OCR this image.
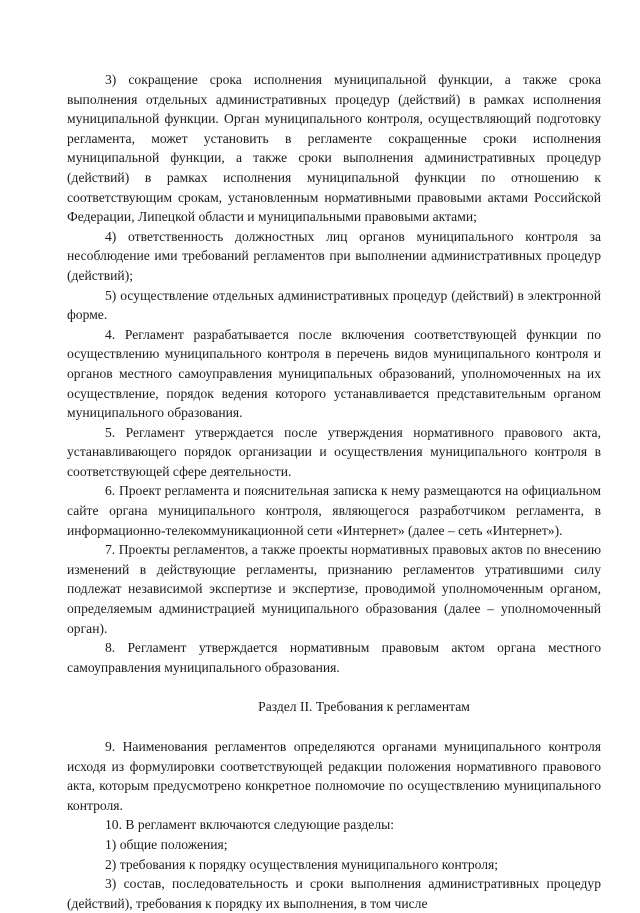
3) сокращение срока исполнения муниципальной функции, а также срока выполнения отдельных административных процедур (действий) в рамках исполнения муниципальной функции. Орган муниципального контроля, осуществляющий подготовку регламента, может установить в регламенте сокращенные сроки исполнения муниципальной функции, а также сроки выполнения административных процедур (действий) в рамках исполнения муниципальной функции по отношению к соответствующим срокам, установленным нормативными правовыми актами Российской Федерации, Липецкой области и муниципальными правовыми актами;

4) ответственность должностных лиц органов муниципального контроля за несоблюдение ими требований регламентов при выполнении административных процедур (действий);

5) осуществление отдельных административных процедур (действий) в электронной форме.

4. Регламент разрабатывается после включения соответствующей функции по осуществлению муниципального контроля в перечень видов муниципального контроля и органов местного самоуправления муниципальных образований, уполномоченных на их осуществление, порядок ведения которого устанавливается представительным органом муниципального образования.

5. Регламент утверждается после утверждения нормативного правового акта, устанавливающего порядок организации и осуществления муниципального контроля в соответствующей сфере деятельности.

6. Проект регламента и пояснительная записка к нему размещаются на официальном сайте органа муниципального контроля, являющегося разработчиком регламента, в информационно-телекоммуникационной сети «Интернет» (далее – сеть «Интернет»).

7. Проекты регламентов, а также проекты нормативных правовых актов по внесению изменений в действующие регламенты, признанию регламентов утратившими силу подлежат независимой экспертизе и экспертизе, проводимой уполномоченным органом, определяемым администрацией муниципального образования (далее – уполномоченный орган).

8. Регламент утверждается нормативным правовым актом органа местного самоуправления муниципального образования.

Раздел II. Требования к регламентам

9. Наименования регламентов определяются органами муниципального контроля исходя из формулировки соответствующей редакции положения нормативного правового акта, которым предусмотрено конкретное полномочие по осуществлению муниципального контроля.

10. В регламент включаются следующие разделы:

1) общие положения;

2) требования к порядку осуществления муниципального контроля;

3) состав, последовательность и сроки выполнения административных процедур (действий), требования к порядку их выполнения, в том числе
